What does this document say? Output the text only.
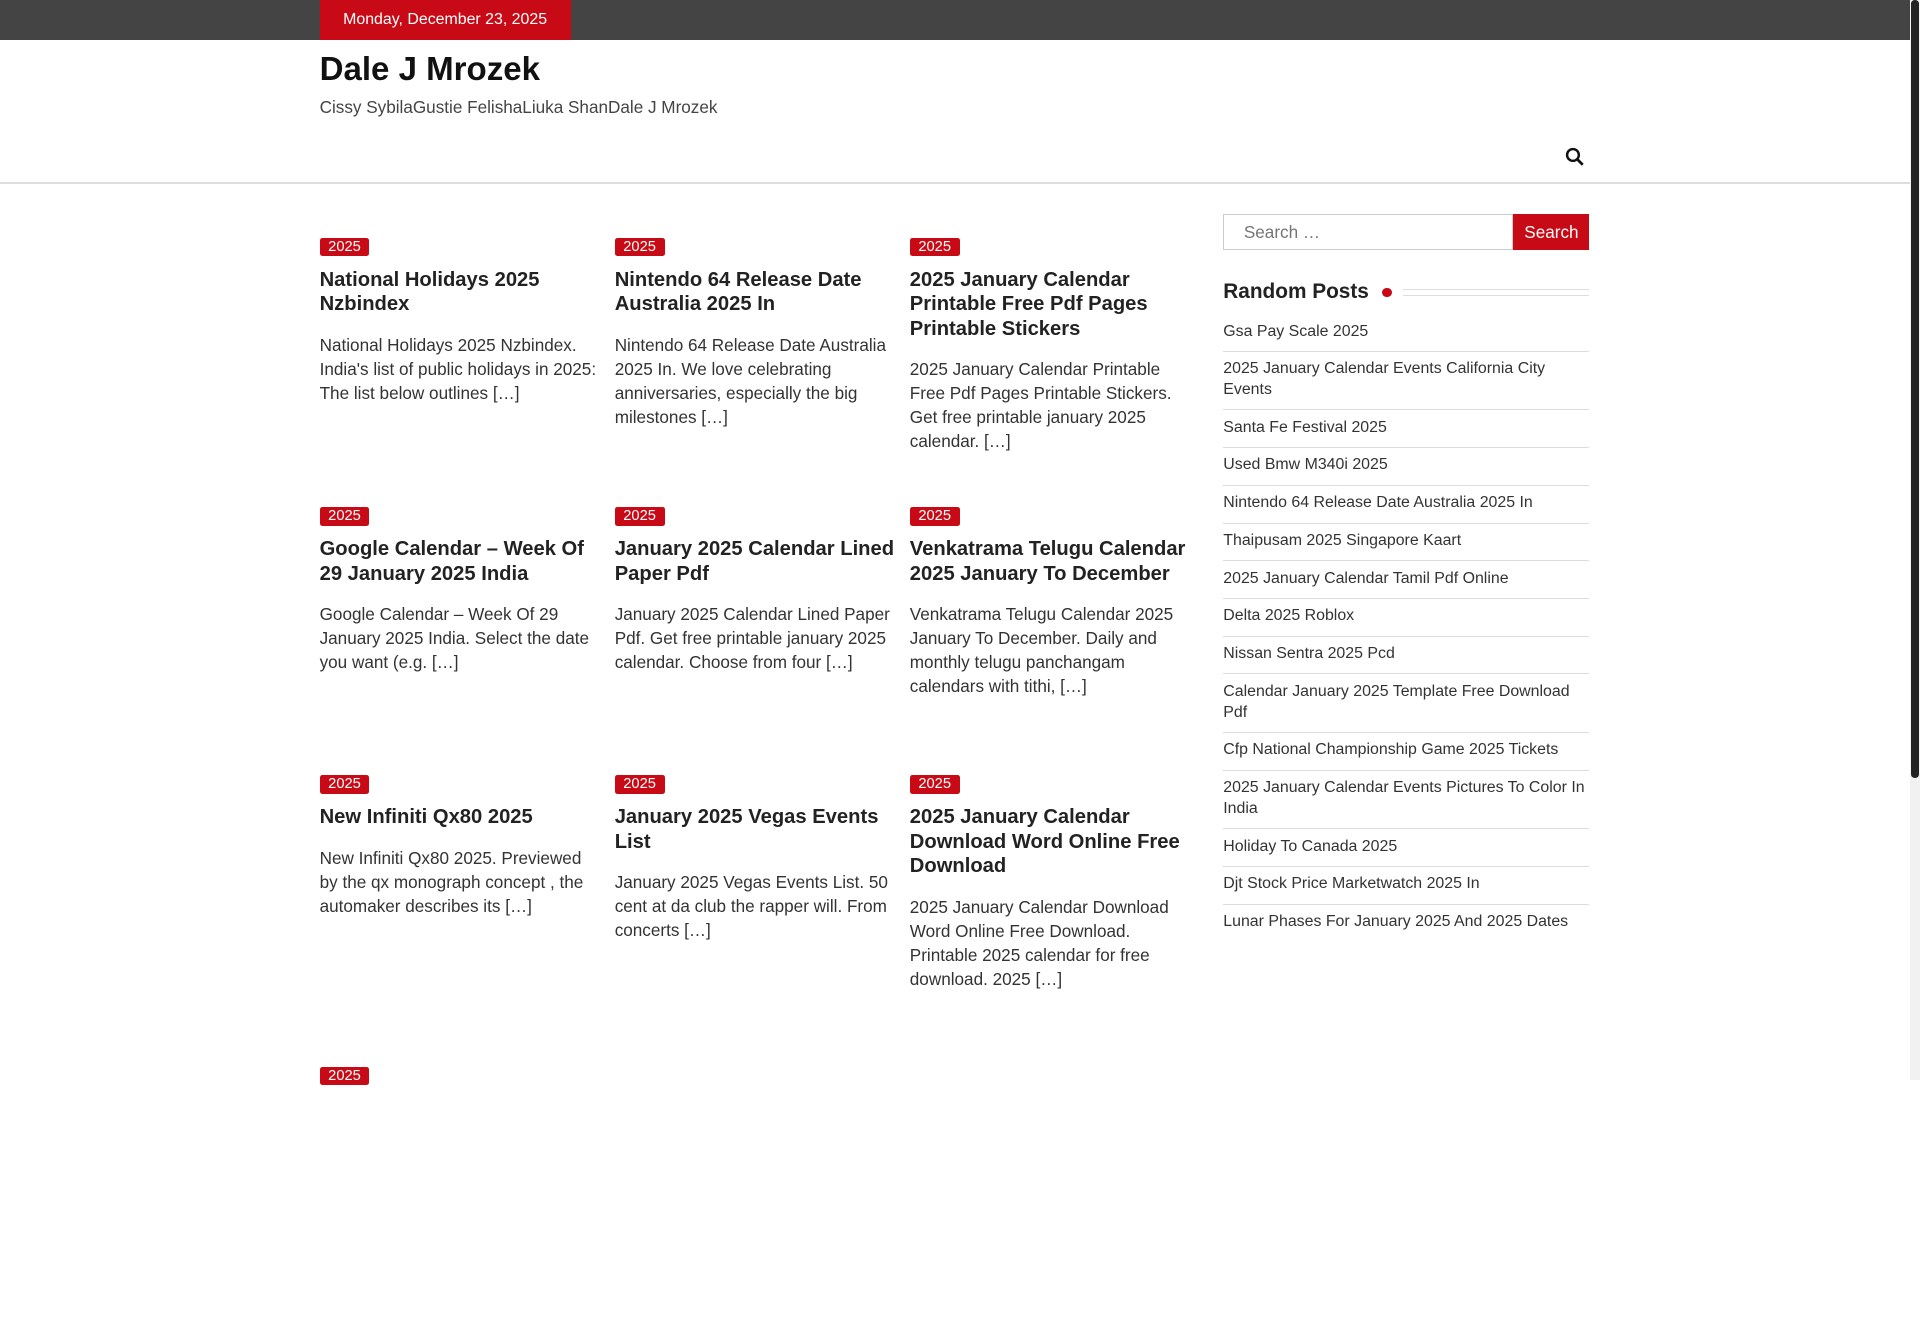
Monday, December 23, 2025
Dale J Mrozek
Cissy SybilaGustie FelishaLiuka ShanDale J Mrozek
2025
National Holidays 2025 Nzbindex
National Holidays 2025 Nzbindex. India's list of public holidays in 2025: The list below outlines […]
2025
Nintendo 64 Release Date Australia 2025 In
Nintendo 64 Release Date Australia 2025 In. We love celebrating anniversaries, especially the big milestones […]
2025
2025 January Calendar Printable Free Pdf Pages Printable Stickers
2025 January Calendar Printable Free Pdf Pages Printable Stickers. Get free printable january 2025 calendar. […]
2025
Google Calendar – Week Of 29 January 2025 India
Google Calendar – Week Of 29 January 2025 India. Select the date you want (e.g. […]
2025
January 2025 Calendar Lined Paper Pdf
January 2025 Calendar Lined Paper Pdf. Get free printable january 2025 calendar. Choose from four […]
2025
Venkatrama Telugu Calendar 2025 January To December
Venkatrama Telugu Calendar 2025 January To December. Daily and monthly telugu panchangam calendars with tithi, […]
2025
New Infiniti Qx80 2025
New Infiniti Qx80 2025. Previewed by the qx monograph concept , the automaker describes its […]
2025
January 2025 Vegas Events List
January 2025 Vegas Events List. 50 cent at da club the rapper will. From concerts […]
2025
2025 January Calendar Download Word Online Free Download
2025 January Calendar Download Word Online Free Download. Printable 2025 calendar for free download. 2025 […]
2025
Search …
Search
Random Posts
Gsa Pay Scale 2025
2025 January Calendar Events California City Events
Santa Fe Festival 2025
Used Bmw M340i 2025
Nintendo 64 Release Date Australia 2025 In
Thaipusam 2025 Singapore Kaart
2025 January Calendar Tamil Pdf Online
Delta 2025 Roblox
Nissan Sentra 2025 Pcd
Calendar January 2025 Template Free Download Pdf
Cfp National Championship Game 2025 Tickets
2025 January Calendar Events Pictures To Color In India
Holiday To Canada 2025
Djt Stock Price Marketwatch 2025 In
Lunar Phases For January 2025 And 2025 Dates
